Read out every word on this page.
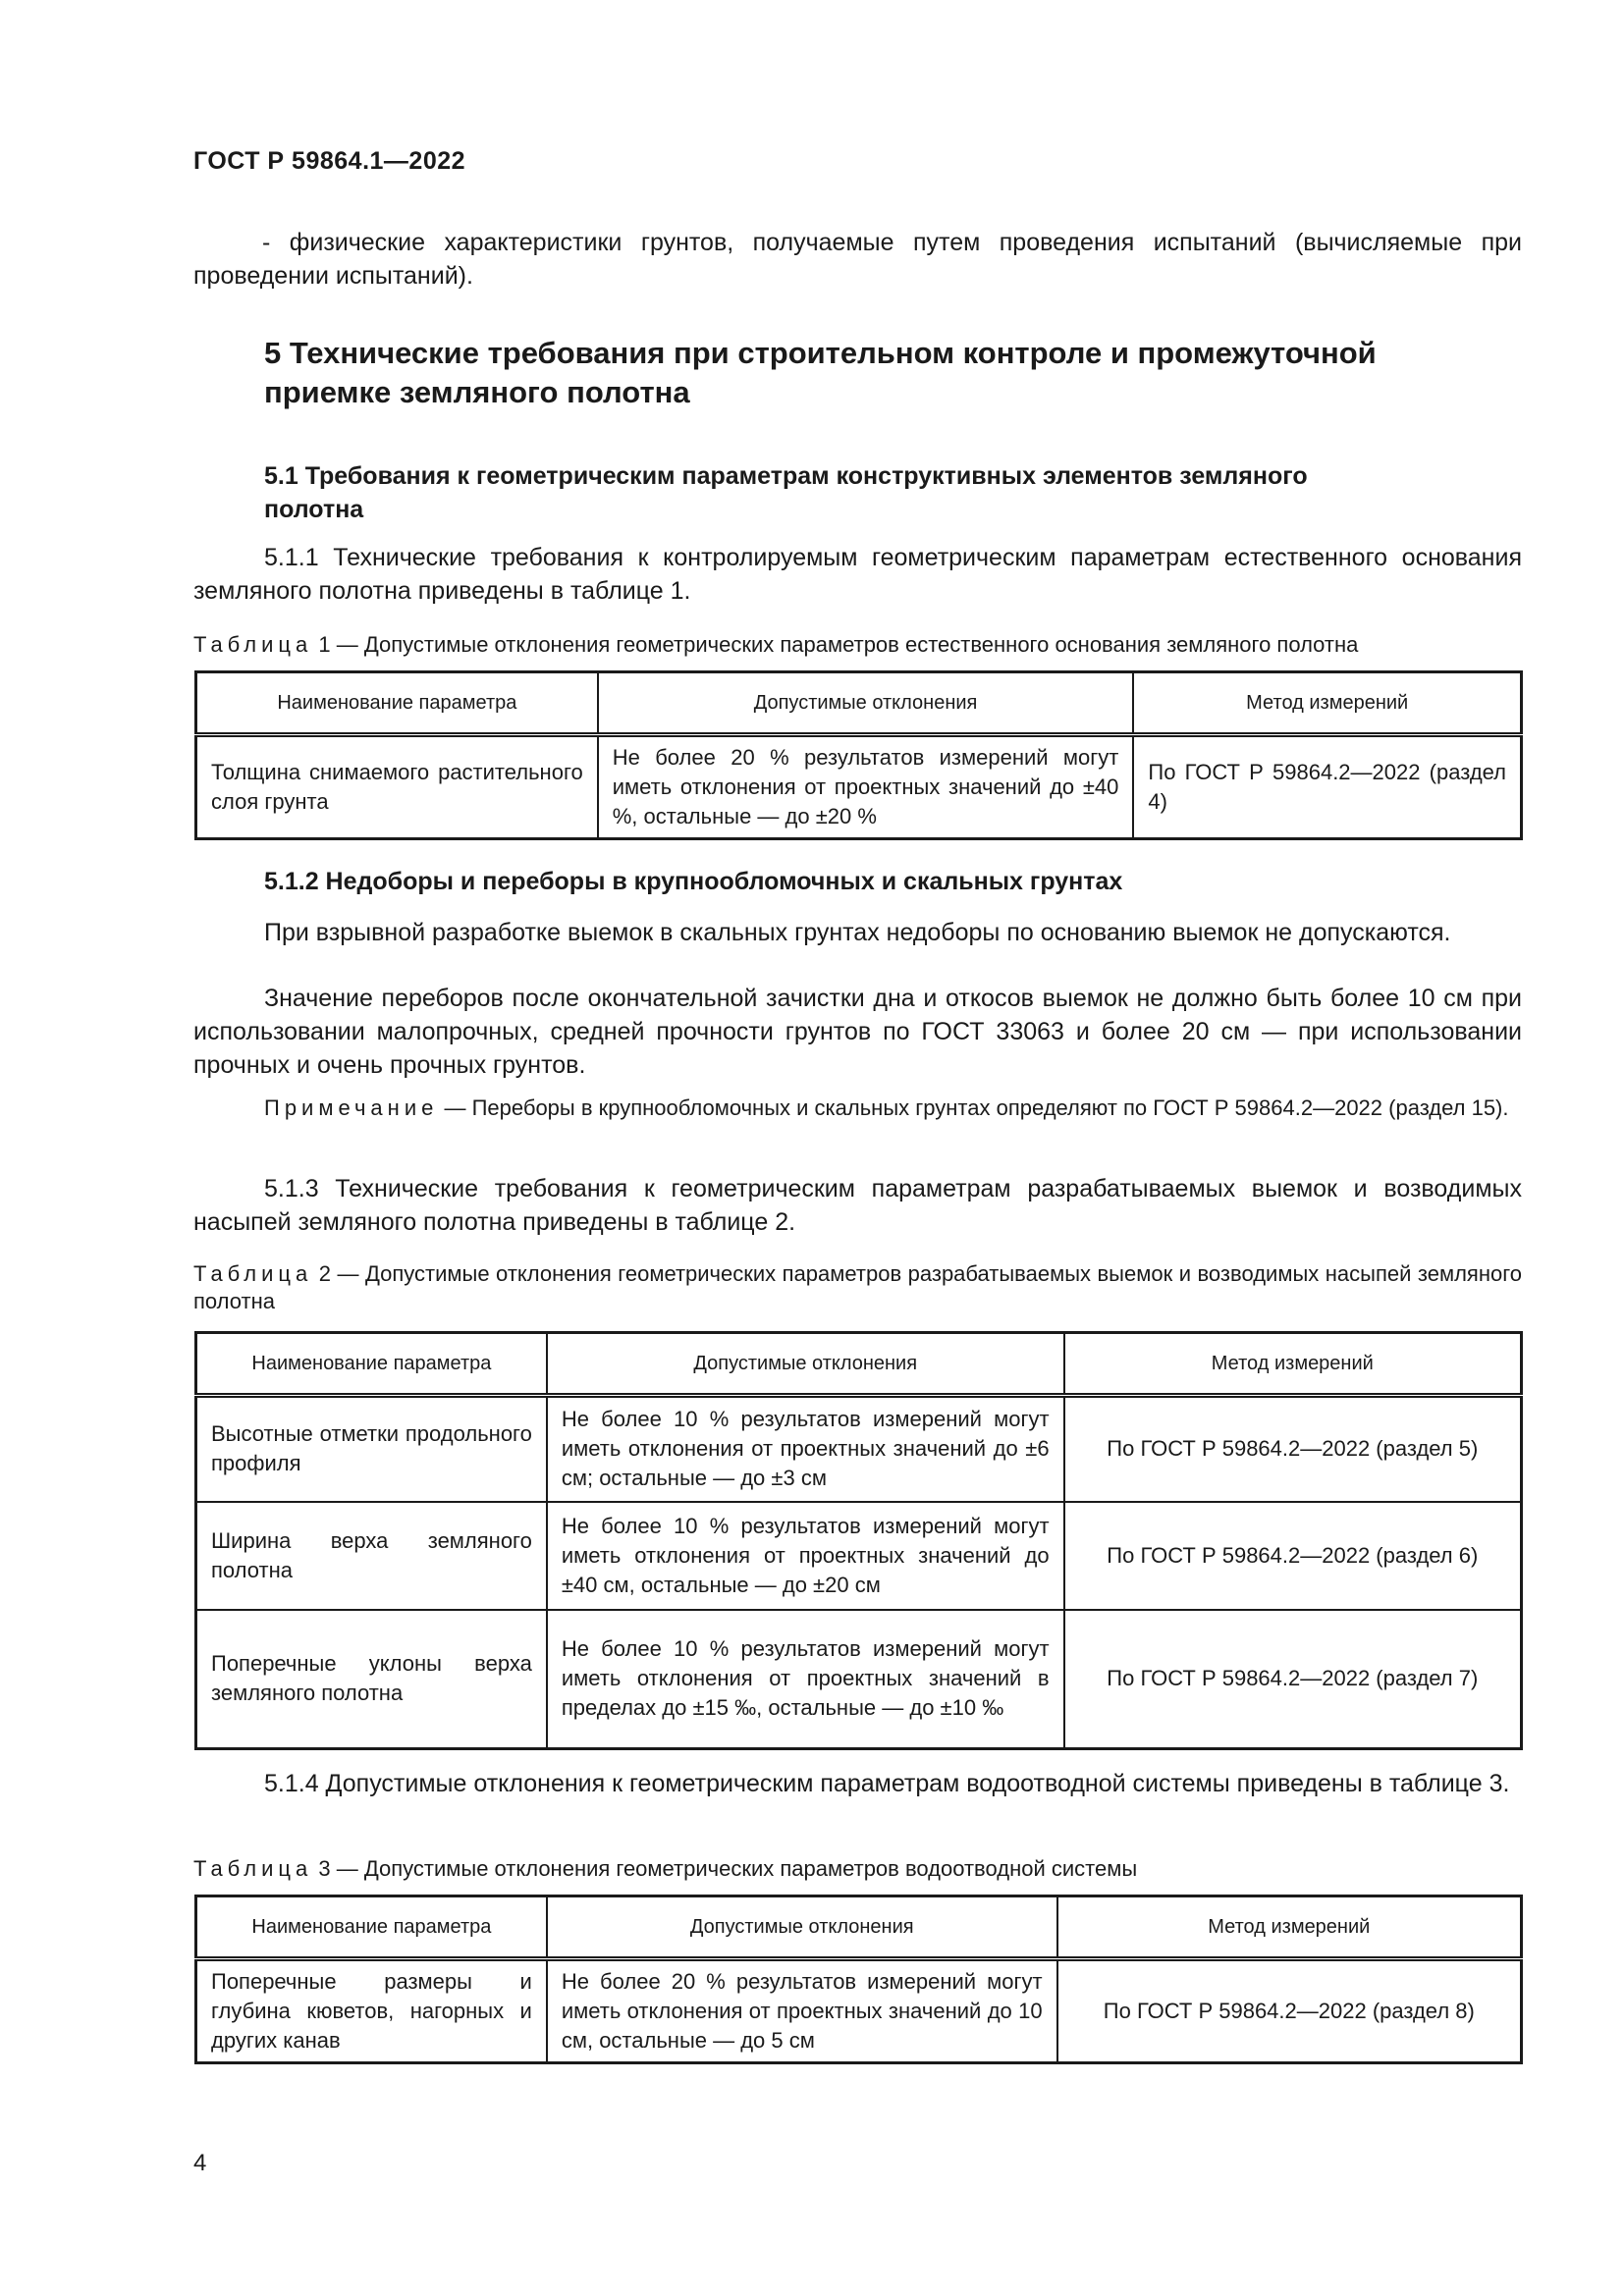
ГОСТ Р 59864.1—2022
- физические характеристики грунтов, получаемые путем проведения испытаний (вычисляемые при проведении испытаний).
5 Технические требования при строительном контроле и промежуточной
приемке земляного полотна
5.1 Требования к геометрическим параметрам конструктивных элементов земляного
полотна
5.1.1 Технические требования к контролируемым геометрическим параметрам естественного основания земляного полотна приведены в таблице 1.
Таблица 1 — Допустимые отклонения геометрических параметров естественного основания земляного полотна
Наименование параметра	Допустимые отклонения	Метод измерений
Толщина снимаемого растительного слоя грунта	Не более 20 % результатов измерений могут иметь отклонения от проектных значений до ±40 %, остальные — до ±20 %	По ГОСТ Р 59864.2—2022 (раздел 4)
5.1.2 Недоборы и переборы в крупнообломочных и скальных грунтах
При взрывной разработке выемок в скальных грунтах недоборы по основанию выемок не допускаются.
Значение переборов после окончательной зачистки дна и откосов выемок не должно быть более 10 см при использовании малопрочных, средней прочности грунтов по ГОСТ 33063 и более 20 см — при использовании прочных и очень прочных грунтов.
Примечание — Переборы в крупнообломочных и скальных грунтах определяют по ГОСТ Р 59864.2—2022 (раздел 15).
5.1.3 Технические требования к геометрическим параметрам разрабатываемых выемок и возводимых насыпей земляного полотна приведены в таблице 2.
Таблица 2 — Допустимые отклонения геометрических параметров разрабатываемых выемок и возводимых насыпей земляного полотна
Наименование параметра	Допустимые отклонения	Метод измерений
Высотные отметки продольного профиля	Не более 10 % результатов измерений могут иметь отклонения от проектных значений до ±6 см; остальные — до ±3 см	По ГОСТ Р 59864.2—2022 (раздел 5)
Ширина верха земляного полотна	Не более 10 % результатов измерений могут иметь отклонения от проектных значений до ±40 см, остальные — до ±20 см	По ГОСТ Р 59864.2—2022 (раздел 6)
Поперечные уклоны верха земляного полотна	Не более 10 % результатов измерений могут иметь отклонения от проектных значений в пределах до ±15 ‰, остальные — до ±10 ‰	По ГОСТ Р 59864.2—2022 (раздел 7)
5.1.4 Допустимые отклонения к геометрическим параметрам водоотводной системы приведены в таблице 3.
Таблица 3 — Допустимые отклонения геометрических параметров водоотводной системы
Наименование параметра	Допустимые отклонения	Метод измерений
Поперечные размеры и глубина кюветов, нагорных и других канав	Не более 20 % результатов измерений могут иметь отклонения от проектных значений до 10 см, остальные — до 5 см	По ГОСТ Р 59864.2—2022 (раздел 8)
4
